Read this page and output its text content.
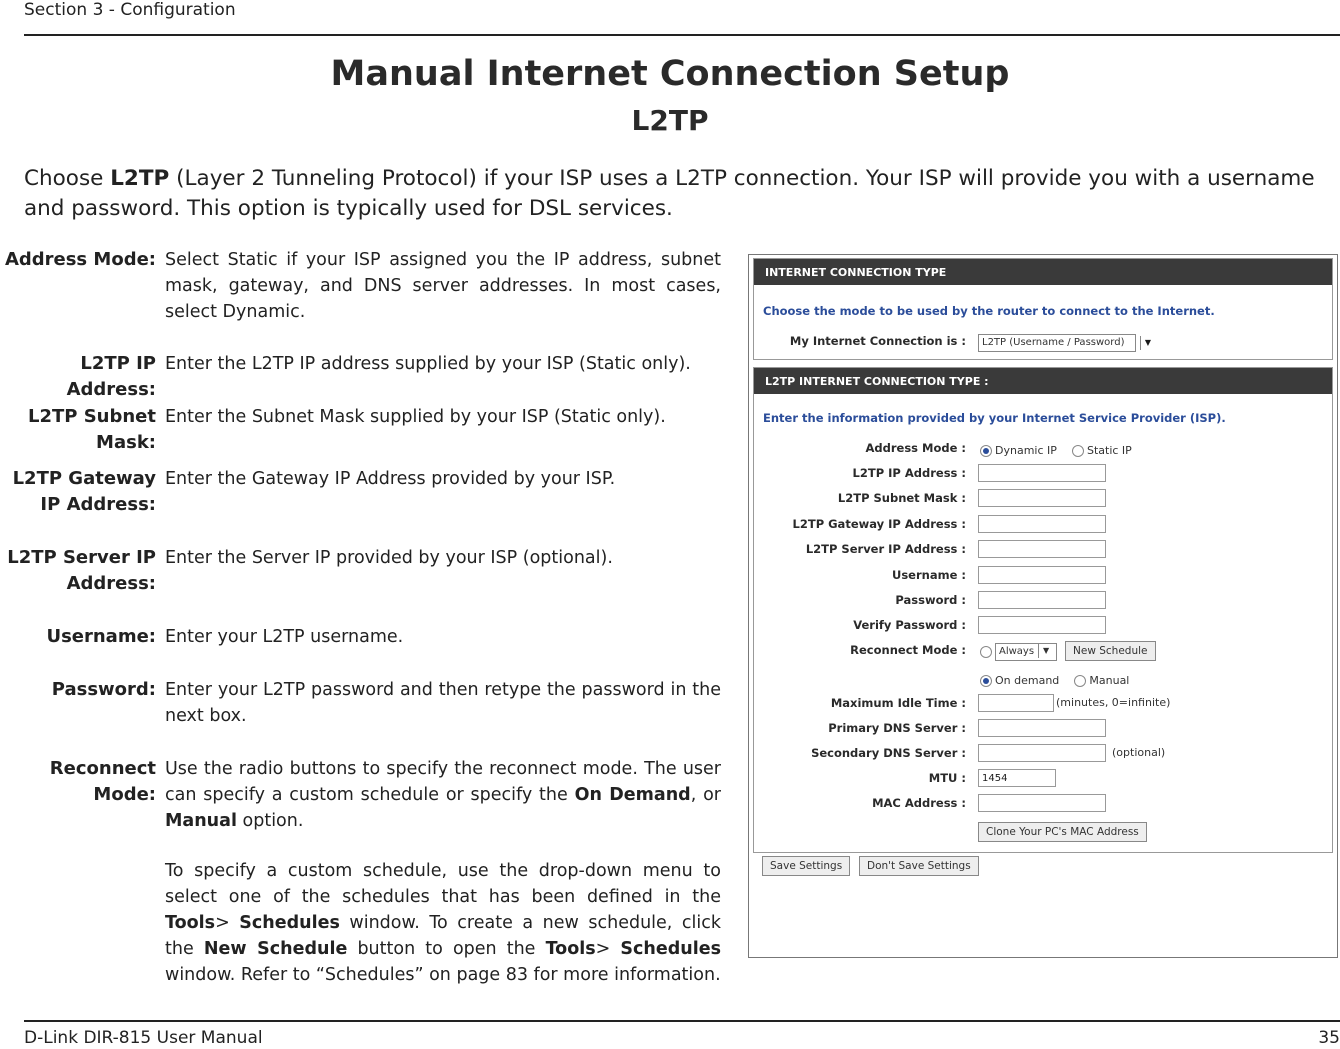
Section 3 - Configuration
Manual Internet Connection Setup
L2TP
Choose L2TP (Layer 2 Tunneling Protocol) if your ISP uses a L2TP connection. Your ISP will provide you with a username and password. This option is typically used for DSL services.
Address Mode: Select Static if your ISP assigned you the IP address, subnet mask, gateway, and DNS server addresses. In most cases, select Dynamic.
L2TP IP Address:
Enter the L2TP IP address supplied by your ISP (Static only).
L2TP Subnet Mask:
Enter the Subnet Mask supplied by your ISP (Static only).
L2TP Gateway IP Address:
Enter the Gateway IP Address provided by your ISP.
L2TP Server IP Address:
Enter the Server IP provided by your ISP (optional).
Username: Enter your L2TP username.
Password: Enter your L2TP password and then retype the password in the next box.
Reconnect Mode:
Use the radio buttons to specify the reconnect mode. The user can specify a custom schedule or specify the On Demand, or Manual option.
To specify a custom schedule, use the drop-down menu to select one of the schedules that has been defined in the Tools> Schedules window. To create a new schedule, click the New Schedule button to open the Tools> Schedules window. Refer to “Schedules” on page 83 for more information.
INTERNET CONNECTION TYPE
Choose the mode to be used by the router to connect to the Internet.
My Internet Connection is :	L2TP (Username / Password)	▼
L2TP INTERNET CONNECTION TYPE :
Enter the information provided by your Internet Service Provider (ISP).
Address Mode :	Dynamic IP	Static IP
L2TP IP Address :
L2TP Subnet Mask :
L2TP Gateway IP Address :
L2TP Server IP Address :
Username :
Password :
Verify Password :
Reconnect Mode :	Always ▼	New Schedule
On demand	Manual
Maximum Idle Time :	(minutes, 0=infinite)
Primary DNS Server :
Secondary DNS Server :	(optional)
MTU :	1454
MAC Address :
Clone Your PC's MAC Address
Save Settings	Don't Save Settings
D-Link DIR-815 User Manual	35
